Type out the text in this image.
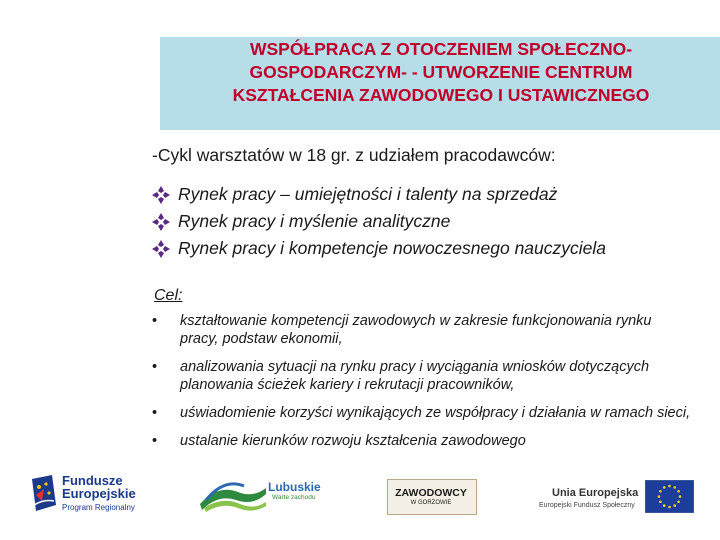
WSPÓŁPRACA Z OTOCZENIEM SPOŁECZNO-GOSPODARCZYM- - UTWORZENIE CENTRUM KSZTAŁCENIA ZAWODOWEGO I USTAWICZNEGO
-Cykl warsztatów w 18 gr. z udziałem pracodawców:
Rynek pracy – umiejętności i talenty na sprzedaż
Rynek pracy i myślenie analityczne
Rynek pracy i kompetencje nowoczesnego nauczyciela
Cel:
• kształtowanie kompetencji zawodowych w zakresie funkcjonowania rynku pracy, podstaw ekonomii,
• analizowania sytuacji na rynku pracy i wyciągania wniosków dotyczących planowania ścieżek kariery i rekrutacji pracowników,
• uświadomienie korzyści wynikających ze współpracy i działania w ramach sieci,
• ustalanie kierunków rozwoju kształcenia zawodowego
Fundusze
Europejskie
Program Regionalny
Lubuskie
Warte zachodu	ZAWODOWCY
W GORZOWIE
Unia Europejska
Europejski Fundusz Społeczny
